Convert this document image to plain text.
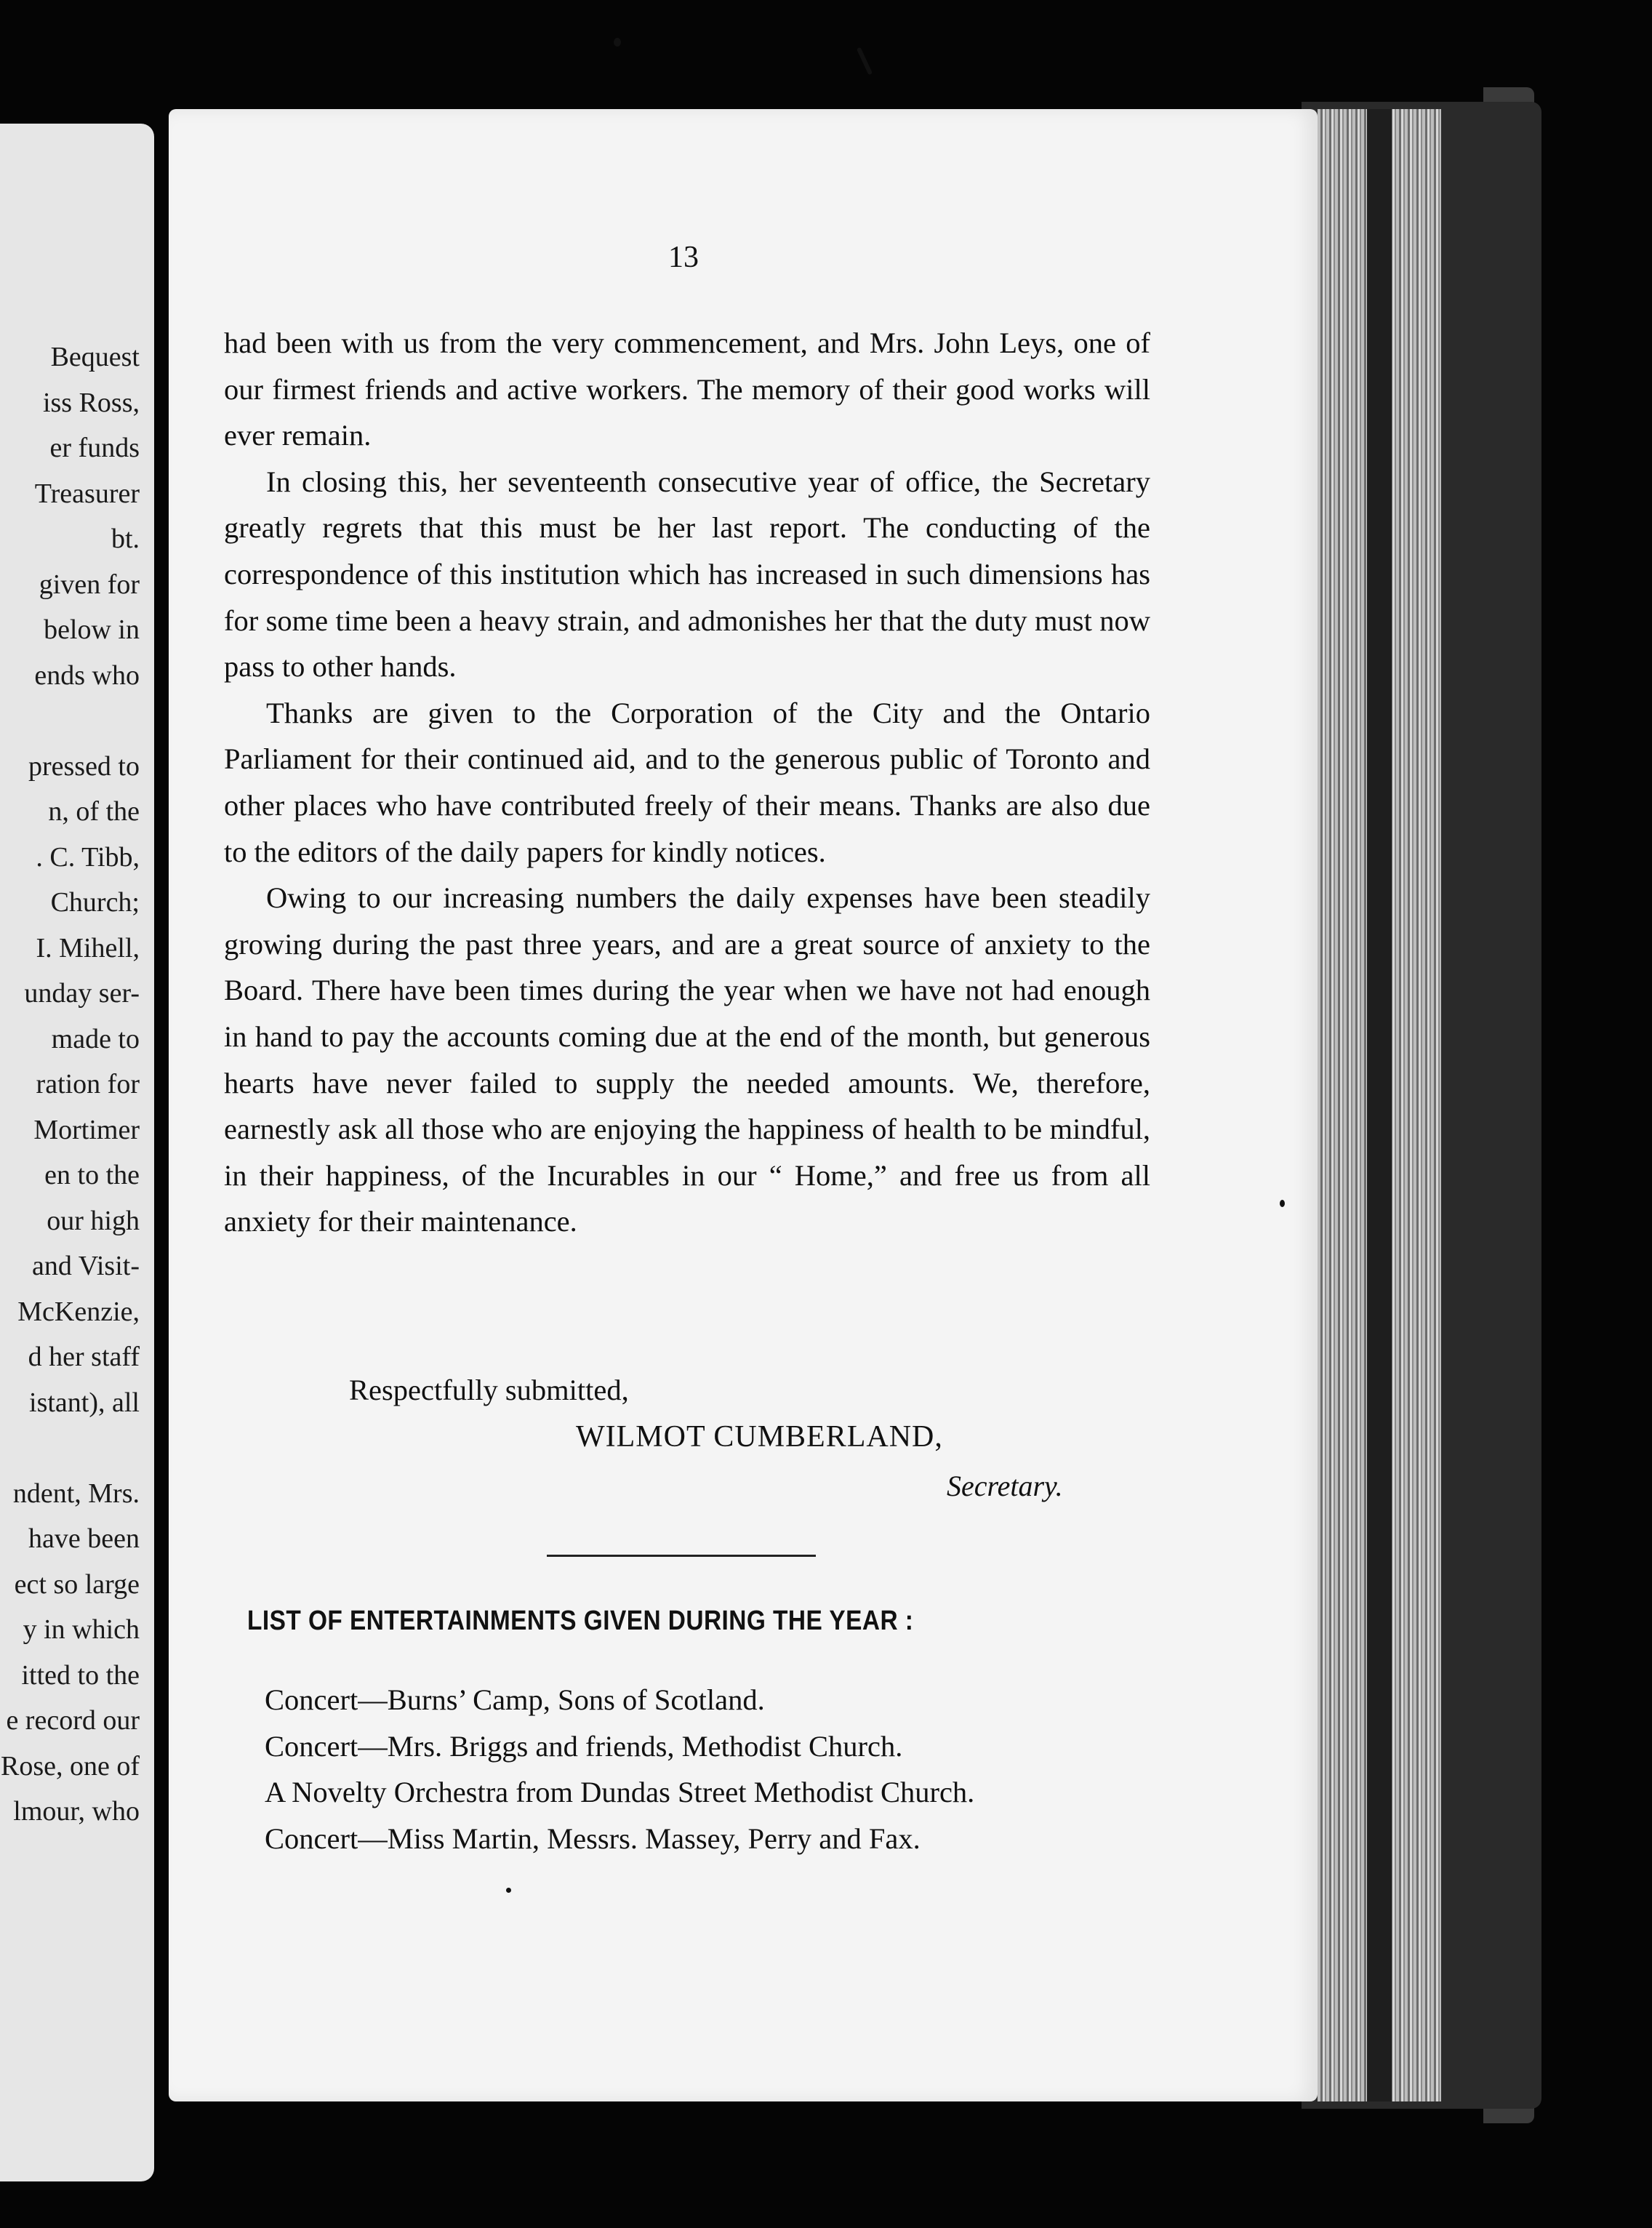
Bequest
iss Ross,
er funds
Treasurer
bt.
given for
below in
ends who
pressed to
n, of the
. C. Tibb,
Church;
I. Mihell,
unday ser-
made to
ration for
Mortimer
en to the
our high
and Visit-
McKenzie,
d her staff
istant), all
ndent, Mrs.
have been
ect so large
y in which
itted to the
e record our
Rose, one of
lmour, who
13

had been with us from the very commencement, and Mrs. John Leys, one of our firmest friends and active workers. The memory of their good works will ever remain.

In closing this, her seventeenth consecutive year of office, the Secretary greatly regrets that this must be her last report. The conducting of the correspondence of this institution which has increased in such dimensions has for some time been a heavy strain, and admonishes her that the duty must now pass to other hands.

Thanks are given to the Corporation of the City and the Ontario Parliament for their continued aid, and to the generous public of Toronto and other places who have contributed freely of their means. Thanks are also due to the editors of the daily papers for kindly notices.

Owing to our increasing numbers the daily expenses have been steadily growing during the past three years, and are a great source of anxiety to the Board. There have been times during the year when we have not had enough in hand to pay the accounts coming due at the end of the month, but generous hearts have never failed to supply the needed amounts. We, therefore, earnestly ask all those who are enjoying the happiness of health to be mindful, in their happiness, of the Incurables in our “ Home,” and free us from all anxiety for their maintenance.

Respectfully submitted,
WILMOT CUMBERLAND,
Secretary.
LIST OF ENTERTAINMENTS GIVEN DURING THE YEAR :
Concert—Burns’ Camp, Sons of Scotland.
Concert—Mrs. Briggs and friends, Methodist Church.
A Novelty Orchestra from Dundas Street Methodist Church.
Concert—Miss Martin, Messrs. Massey, Perry and Fax.
